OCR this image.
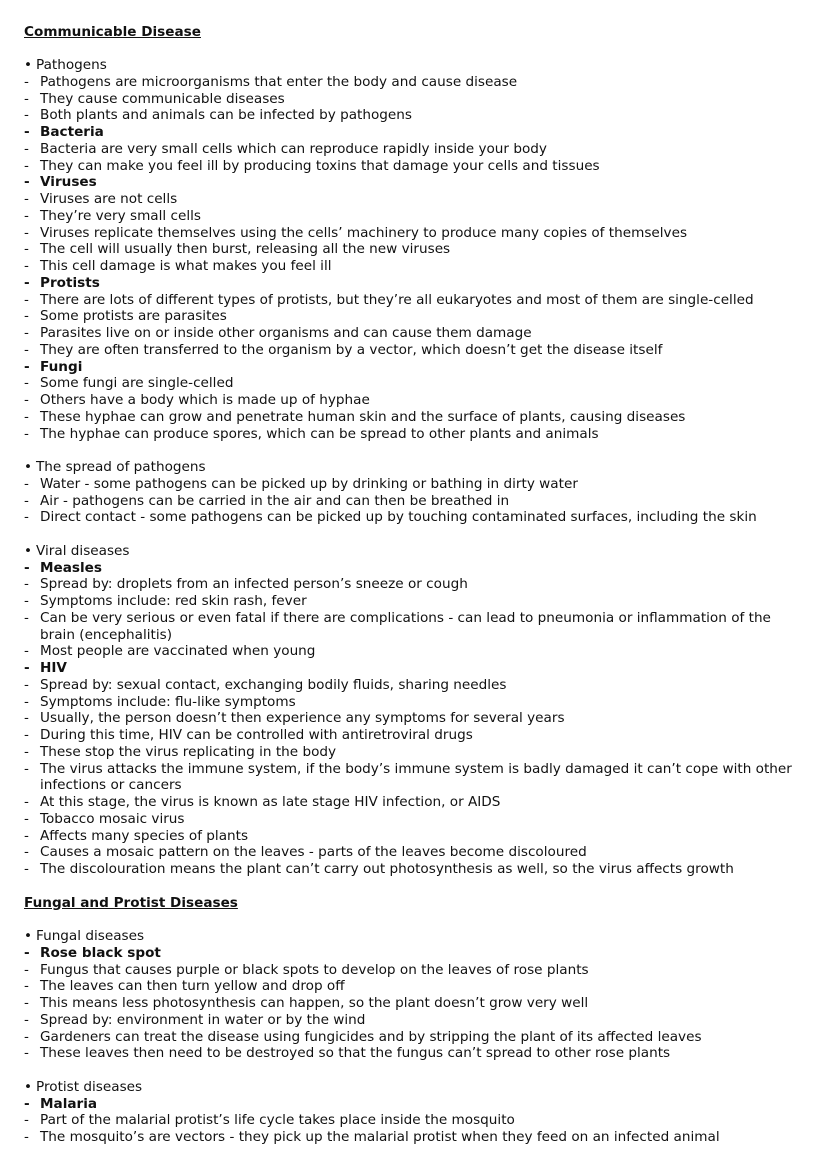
Communicable Disease
• Pathogens
- Pathogens are microorganisms that enter the body and cause disease
- They cause communicable diseases
- Both plants and animals can be infected by pathogens
- Bacteria
- Bacteria are very small cells which can reproduce rapidly inside your body
- They can make you feel ill by producing toxins that damage your cells and tissues
- Viruses
- Viruses are not cells
- They’re very small cells
- Viruses replicate themselves using the cells’ machinery to produce many copies of themselves
- The cell will usually then burst, releasing all the new viruses
- This cell damage is what makes you feel ill
- Protists
- There are lots of different types of protists, but they’re all eukaryotes and most of them are single-celled
- Some protists are parasites
- Parasites live on or inside other organisms and can cause them damage
- They are often transferred to the organism by a vector, which doesn’t get the disease itself
- Fungi
- Some fungi are single-celled
- Others have a body which is made up of hyphae
- These hyphae can grow and penetrate human skin and the surface of plants, causing diseases
- The hyphae can produce spores, which can be spread to other plants and animals
• The spread of pathogens
- Water - some pathogens can be picked up by drinking or bathing in dirty water
- Air - pathogens can be carried in the air and can then be breathed in
- Direct contact - some pathogens can be picked up by touching contaminated surfaces, including the skin
• Viral diseases
- Measles
- Spread by: droplets from an infected person’s sneeze or cough
- Symptoms include: red skin rash, fever
- Can be very serious or even fatal if there are complications - can lead to pneumonia or inflammation of the brain (encephalitis)
- Most people are vaccinated when young
- HIV
- Spread by: sexual contact, exchanging bodily fluids, sharing needles
- Symptoms include: flu-like symptoms
- Usually, the person doesn’t then experience any symptoms for several years
- During this time, HIV can be controlled with antiretroviral drugs
- These stop the virus replicating in the body
- The virus attacks the immune system, if the body’s immune system is badly damaged it can’t cope with other infections or cancers
- At this stage, the virus is known as late stage HIV infection, or AIDS
- Tobacco mosaic virus
- Affects many species of plants
- Causes a mosaic pattern on the leaves - parts of the leaves become discoloured
- The discolouration means the plant can’t carry out photosynthesis as well, so the virus affects growth
Fungal and Protist Diseases
• Fungal diseases
- Rose black spot
- Fungus that causes purple or black spots to develop on the leaves of rose plants
- The leaves can then turn yellow and drop off
- This means less photosynthesis can happen, so the plant doesn’t grow very well
- Spread by: environment in water or by the wind
- Gardeners can treat the disease using fungicides and by stripping the plant of its affected leaves
- These leaves then need to be destroyed so that the fungus can’t spread to other rose plants
• Protist diseases
- Malaria
- Part of the malarial protist’s life cycle takes place inside the mosquito
- The mosquito’s are vectors - they pick up the malarial protist when they feed on an infected animal
